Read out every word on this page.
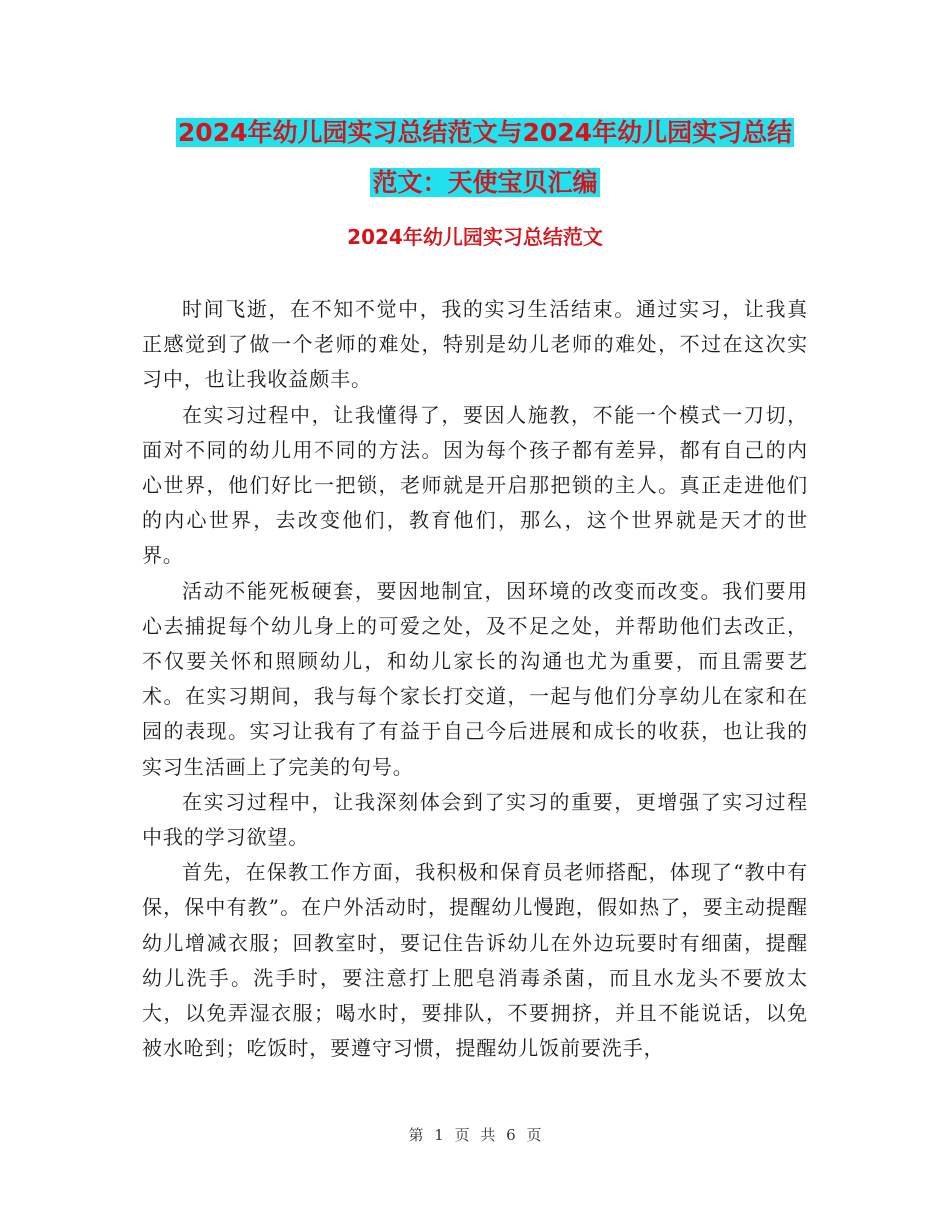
2024年幼儿园实习总结范文与2024年幼儿园实习总结
范文：天使宝贝汇编
2024年幼儿园实习总结范文

时间飞逝，在不知不觉中，我的实习生活结束。通过实习，让我真正感觉到了做一个老师的难处，特别是幼儿老师的难处，不过在这次实习中，也让我收益颇丰。

在实习过程中，让我懂得了，要因人施教，不能一个模式一刀切，面对不同的幼儿用不同的方法。因为每个孩子都有差异，都有自己的内心世界，他们好比一把锁，老师就是开启那把锁的主人。真正走进他们的内心世界，去改变他们，教育他们，那么，这个世界就是天才的世界。

活动不能死板硬套，要因地制宜，因环境的改变而改变。我们要用心去捕捉每个幼儿身上的可爱之处，及不足之处，并帮助他们去改正，不仅要关怀和照顾幼儿，和幼儿家长的沟通也尤为重要，而且需要艺术。在实习期间，我与每个家长打交道，一起与他们分享幼儿在家和在园的表现。实习让我有了有益于自己今后进展和成长的收获，也让我的实习生活画上了完美的句号。

在实习过程中，让我深刻体会到了实习的重要，更增强了实习过程中我的学习欲望。

首先，在保教工作方面，我积极和保育员老师搭配，体现了“教中有保，保中有教”。在户外活动时，提醒幼儿慢跑，假如热了，要主动提醒幼儿增减衣服；回教室时，要记住告诉幼儿在外边玩要时有细菌，提醒幼儿洗手。洗手时，要注意打上肥皂消毒杀菌，而且水龙头不要放太大，以免弄湿衣服；喝水时，要排队，不要拥挤，并且不能说话，以免被水呛到；吃饭时，要遵守习惯，提醒幼儿饭前要洗手，

第 1 页 共 6 页
